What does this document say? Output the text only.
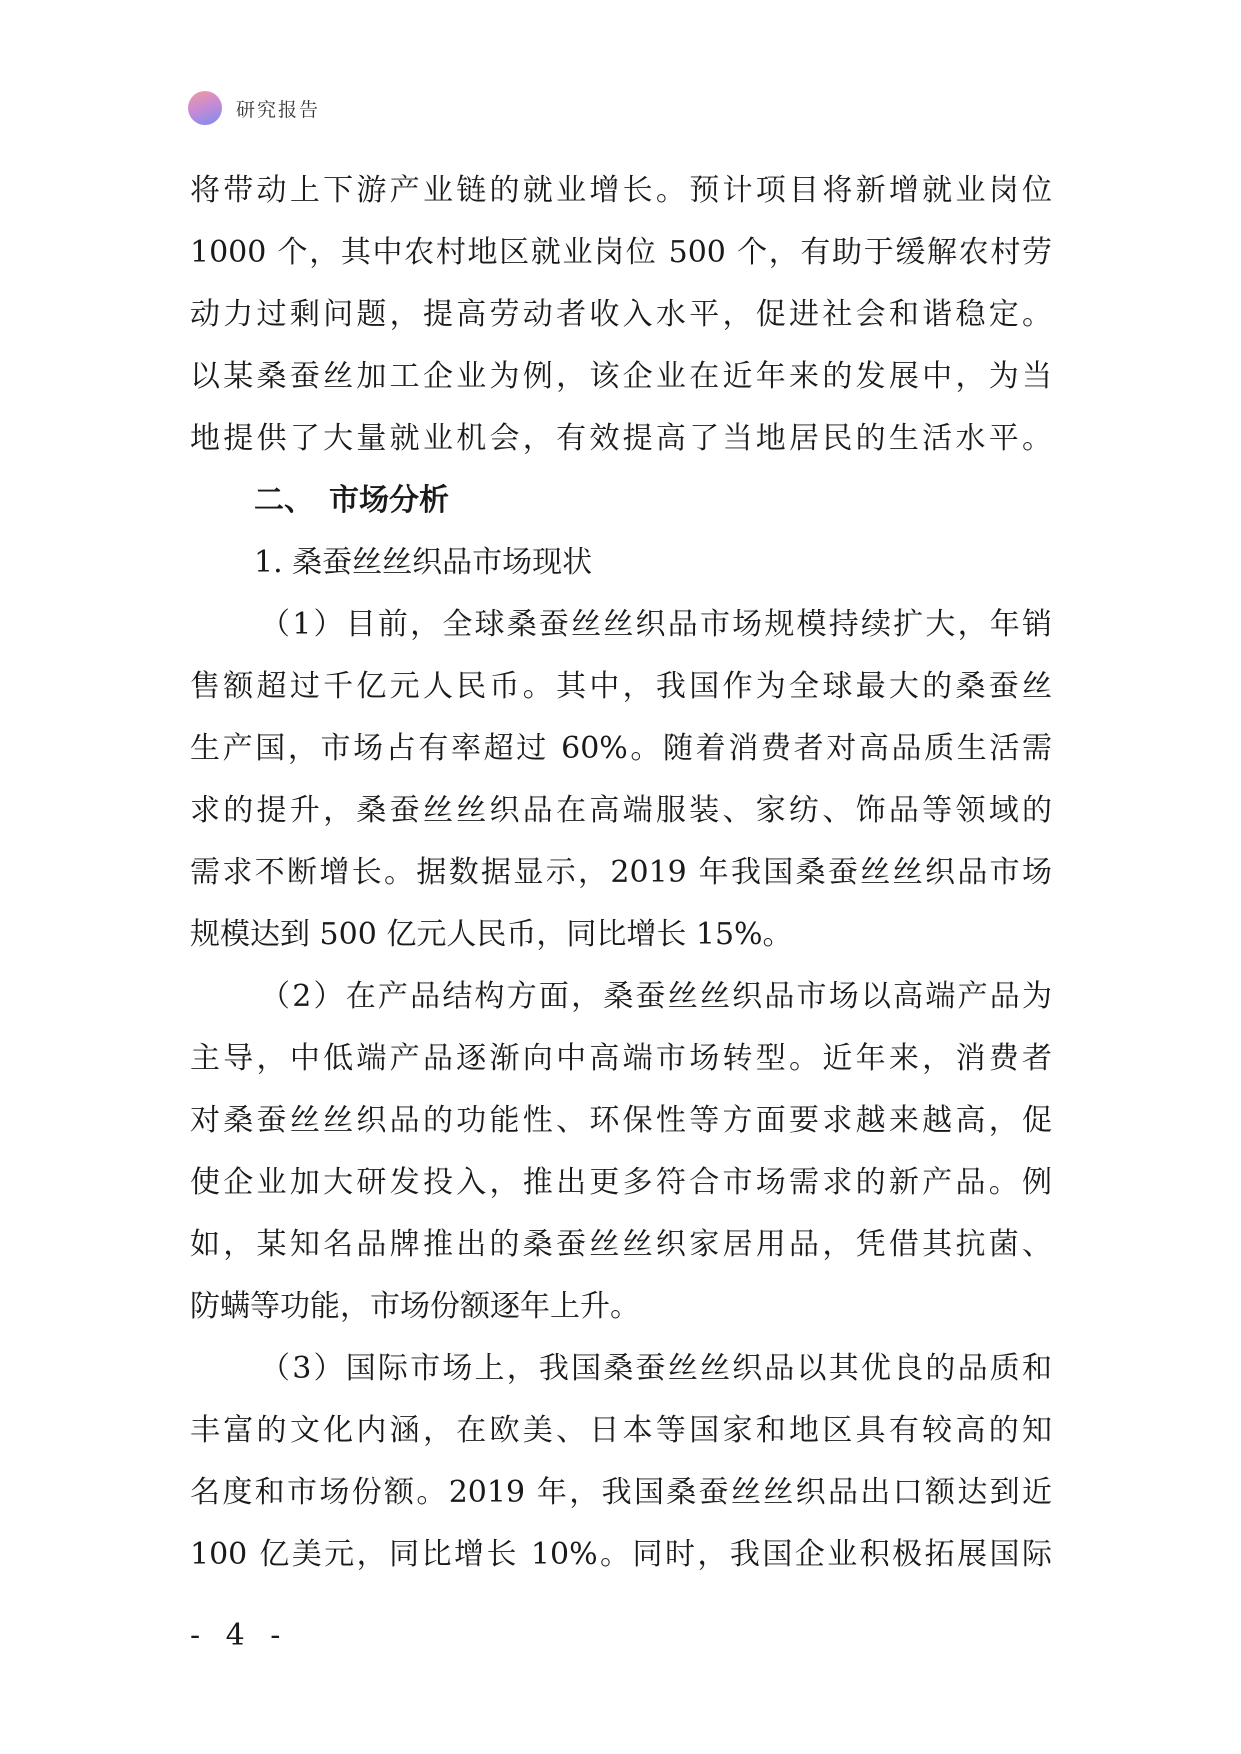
研究报告
将带动上下游产业链的就业增长。预计项目将新增就业岗位
1000 个，其中农村地区就业岗位 500 个，有助于缓解农村劳
动力过剩问题，提高劳动者收入水平，促进社会和谐稳定。
以某桑蚕丝加工企业为例，该企业在近年来的发展中，为当
地提供了大量就业机会，有效提高了当地居民的生活水平。
二、　市场分析
1. 桑蚕丝丝织品市场现状
（1）目前，全球桑蚕丝丝织品市场规模持续扩大，年销
售额超过千亿元人民币。其中，我国作为全球最大的桑蚕丝
生产国，市场占有率超过 60%。随着消费者对高品质生活需
求的提升，桑蚕丝丝织品在高端服装、家纺、饰品等领域的
需求不断增长。据数据显示，2019 年我国桑蚕丝丝织品市场
规模达到 500 亿元人民币，同比增长 15%。
（2）在产品结构方面，桑蚕丝丝织品市场以高端产品为
主导，中低端产品逐渐向中高端市场转型。近年来，消费者
对桑蚕丝丝织品的功能性、环保性等方面要求越来越高，促
使企业加大研发投入，推出更多符合市场需求的新产品。例
如，某知名品牌推出的桑蚕丝丝织家居用品，凭借其抗菌、
防螨等功能，市场份额逐年上升。
（3）国际市场上，我国桑蚕丝丝织品以其优良的品质和
丰富的文化内涵，在欧美、日本等国家和地区具有较高的知
名度和市场份额。2019 年，我国桑蚕丝丝织品出口额达到近
100 亿美元，同比增长 10%。同时，我国企业积极拓展国际
- 4 -
